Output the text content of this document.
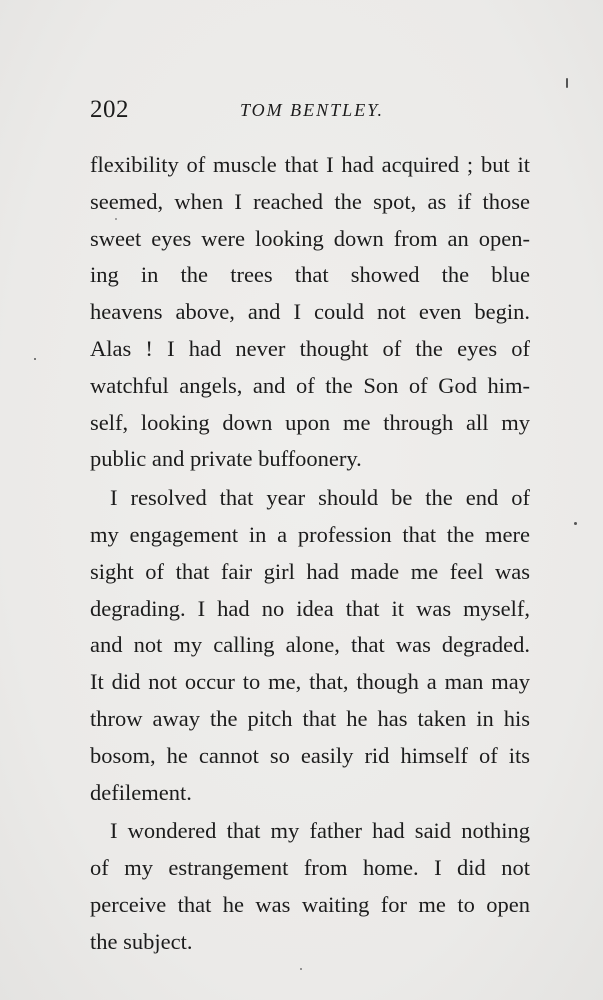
202	TOM BENTLEY.
flexibility of muscle that I had acquired ; but it
seemed, when I reached the spot, as if those
sweet eyes were looking down from an open-
ing in the trees that showed the blue
heavens above, and I could not even begin.
Alas ! I had never thought of the eyes of
watchful angels, and of the Son of God him-
self, looking down upon me through all my
public and private buffoonery.
I resolved that year should be the end of
my engagement in a profession that the mere
sight of that fair girl had made me feel was
degrading. I had no idea that it was myself,
and not my calling alone, that was degraded.
It did not occur to me, that, though a man may
throw away the pitch that he has taken in his
bosom, he cannot so easily rid himself of its
defilement.
I wondered that my father had said nothing
of my estrangement from home. I did not
perceive that he was waiting for me to open
the subject.
